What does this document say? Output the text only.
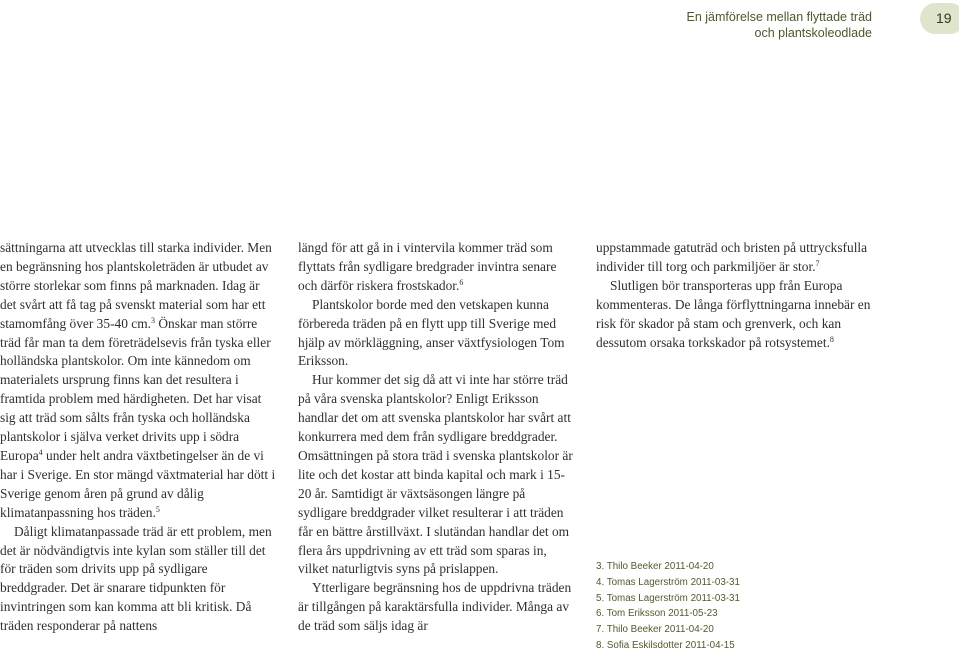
En jämförelse mellan flyttade träd
och plantskoleodlade
19

sättningarna att utvecklas till starka individer. Men en begränsning hos plantskoleträden är utbudet av större storlekar som finns på marknaden. Idag är det svårt att få tag på svenskt material som har ett stamomfång över 35-40 cm.$^3$ Önskar man större träd får man ta dem företrädelsevis från tyska eller holländska plantskolor. Om inte kännedom om materialets ursprung finns kan det resultera i framtida problem med härdigheten. Det har visat sig att träd som sålts från tyska och holländska plantskolor i själva verket drivits upp i södra Europa$^4$ under helt andra växtbetingelser än de vi har i Sverige. En stor mängd växtmaterial har dött i Sverige genom åren på grund av dålig klimatanpassning hos träden.$^5$

Dåligt klimatanpassade träd är ett problem, men det är nödvändigtvis inte kylan som ställer till det för träden som drivits upp på sydligare breddgrader. Det är snarare tidpunkten för invintringen som kan komma att bli kritisk. Då träden responderar på nattens

längd för att gå in i vintervila kommer träd som flyttats från sydligare bredgrader invintra senare och därför riskera frostskador.$^6$

Plantskolor borde med den vetskapen kunna förbereda träden på en flytt upp till Sverige med hjälp av mörkläggning, anser växtfysiologen Tom Eriksson.

Hur kommer det sig då att vi inte har större träd på våra svenska plantskolor? Enligt Eriksson handlar det om att svenska plantskolor har svårt att konkurrera med dem från sydligare breddgrader. Omsättningen på stora träd i svenska plantskolor är lite och det kostar att binda kapital och mark i 15-20 år. Samtidigt är växtsäsongen längre på sydligare breddgrader vilket resulterar i att träden får en bättre årstillväxt. I slutändan handlar det om flera års uppdrivning av ett träd som sparas in, vilket naturligtvis syns på prislappen.

Ytterligare begränsning hos de uppdrivna träden är tillgången på karaktärsfulla individer. Många av de träd som säljs idag är

uppstammade gatuträd och bristen på uttrycksfulla individer till torg och parkmiljöer är stor.$^7$

Slutligen bör transporteras upp från Europa kommenteras. De långa förflyttningarna innebär en risk för skador på stam och grenverk, och kan dessutom orsaka torkskador på rotsystemet.$^8$

3. Thilo Beeker 2011-04-20
4. Tomas Lagerström 2011-03-31
5. Tomas Lagerström 2011-03-31
6. Tom Eriksson 2011-05-23
7. Thilo Beeker 2011-04-20
8. Sofia Eskilsdotter 2011-04-15
